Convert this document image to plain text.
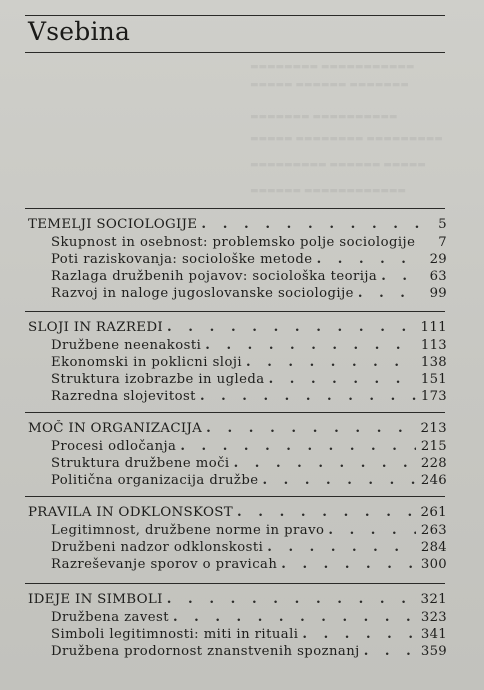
Vsebina
▬▬▬▬▬▬▬▬ ▬▬▬▬▬▬▬▬▬▬▬
▬▬▬▬▬ ▬▬▬▬▬▬ ▬▬▬▬▬▬▬
▬▬▬▬▬▬▬ ▬▬▬▬▬▬▬▬▬▬
▬▬▬▬▬ ▬▬▬▬▬▬▬▬ ▬▬▬▬▬▬▬▬▬
▬▬▬▬▬▬▬▬▬ ▬▬▬▬▬▬ ▬▬▬▬▬
▬▬▬▬▬▬ ▬▬▬▬▬▬▬▬▬▬▬▬
TEMELJI SOCIOLOGIJE . . .	5
Skupnost in osebnost: problemsko polje sociologije . . .	7
Poti raziskovanja: sociološke metode . . .	29
Razlaga družbenih pojavov: sociološka teorija . . .	63
Razvoj in naloge jugoslovanske sociologije . . .	99
SLOJI IN RAZREDI . . .	111
Družbene neenakosti . . .	113
Ekonomski in poklicni sloji . . .	138
Struktura izobrazbe in ugleda . . .	151
Razredna slojevitost . . .	173
MOČ IN ORGANIZACIJA . . .	213
Procesi odločanja . . .	215
Struktura družbene moči . . .	228
Politična organizacija družbe . . .	246
PRAVILA IN ODKLONSKOST . . .	261
Legitimnost, družbene norme in pravo . . .	263
Družbeni nadzor odklonskosti . . .	284
Razreševanje sporov o pravicah . . .	300
IDEJE IN SIMBOLI . . .	321
Družbena zavest . . .	323
Simboli legitimnosti: miti in rituali . . .	341
Družbena prodornost znanstvenih spoznanj . . .	359
